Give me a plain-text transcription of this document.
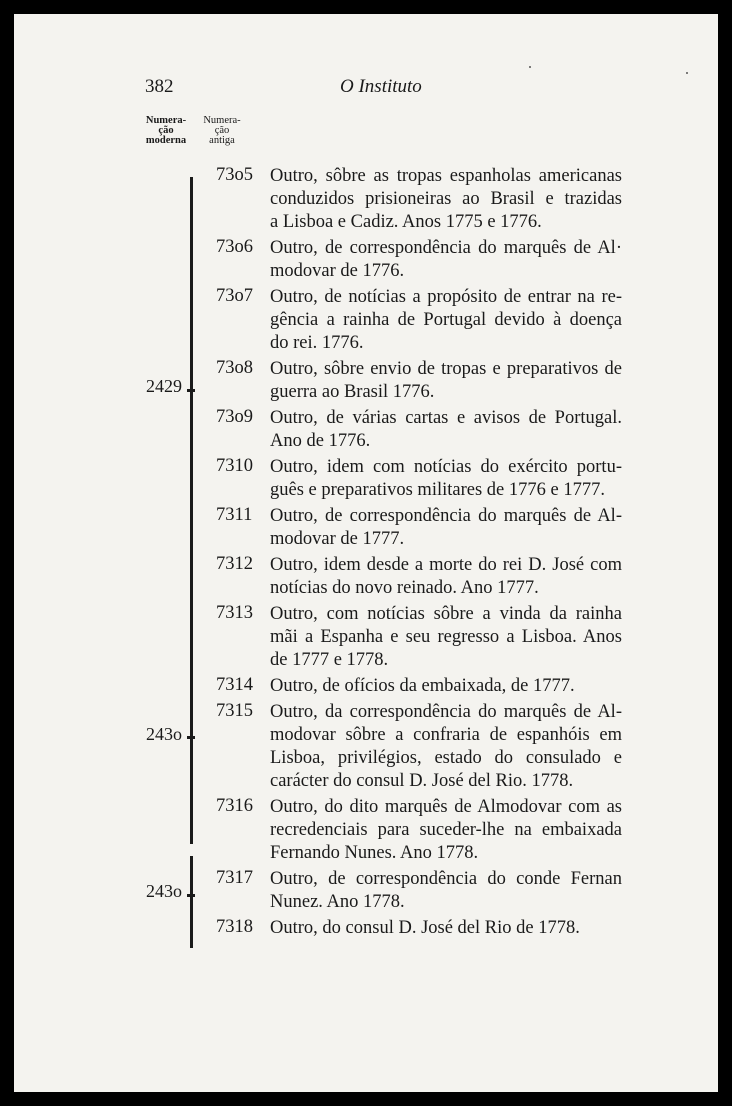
382	O Instituto
Numera-
ção
moderna
Numera-
ção
antiga
2429
243o
243o
73o5 Outro, sôbre as tropas espanholas americanas
conduzidos prisioneiras ao Brasil e trazidas
a Lisboa e Cadiz. Anos 1775 e 1776.
73o6 Outro, de correspondência do marquês de Al·
modovar de 1776.
73o7 Outro, de notícias a propósito de entrar na re-
gência a rainha de Portugal devido à doença
do rei. 1776.
73o8 Outro, sôbre envio de tropas e preparativos de
guerra ao Brasil 1776.
73o9 Outro, de várias cartas e avisos de Portugal.
Ano de 1776.
7310 Outro, idem com notícias do exército portu-
guês e preparativos militares de 1776 e 1777.
7311 Outro, de correspondência do marquês de Al-
modovar de 1777.
7312 Outro, idem desde a morte do rei D. José com
notícias do novo reinado. Ano 1777.
7313 Outro, com notícias sôbre a vinda da rainha
mãi a Espanha e seu regresso a Lisboa. Anos
de 1777 e 1778.
7314 Outro, de ofícios da embaixada, de 1777.
7315 Outro, da correspondência do marquês de Al-
modovar sôbre a confraria de espanhóis em
Lisboa, privilégios, estado do consulado e
carácter do consul D. José del Rio. 1778.
7316 Outro, do dito marquês de Almodovar com as
recredenciais para suceder-lhe na embaixada
Fernando Nunes. Ano 1778.
7317 Outro, de correspondência do conde Fernan
Nunez. Ano 1778.
7318 Outro, do consul D. José del Rio de 1778.
